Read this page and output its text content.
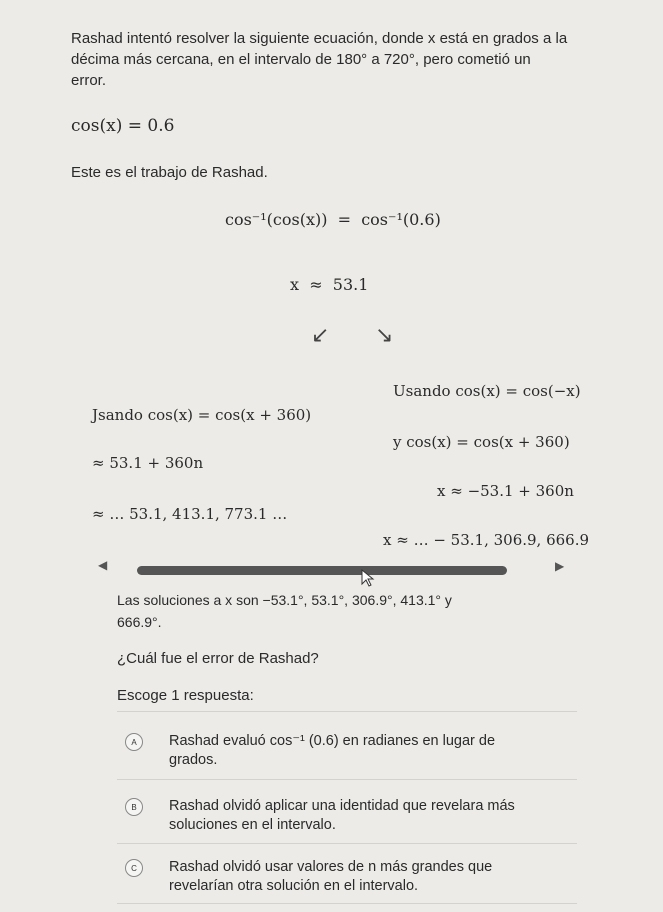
Rashad intentó resolver la siguiente ecuación, donde x está en grados a la
décima más cercana, en el intervalo de 180° a 720°, pero cometió un
error.
cos(x) = 0.6
Este es el trabajo de Rashad.
cos⁻¹(cos(x))  =  cos⁻¹(0.6)
x  ≈  53.1
↙ ↘
Usando cos(x) = cos(−x)
Jsando cos(x) = cos(x + 360)
y cos(x) = cos(x + 360)
≈ 53.1 + 360n
x ≈ −53.1 + 360n
≈ … 53.1, 413.1, 773.1 …
x ≈ … − 53.1, 306.9, 666.9
◀	▶
Las soluciones a x son −53.1°, 53.1°, 306.9°, 413.1° y
666.9°.
¿Cuál fue el error de Rashad?
Escoge 1 respuesta:
A	Rashad evaluó cos⁻¹ (0.6) en radianes en lugar de
grados.
B	Rashad olvidó aplicar una identidad que revelara más
soluciones en el intervalo.
C	Rashad olvidó usar valores de n más grandes que
revelarían otra solución en el intervalo.
